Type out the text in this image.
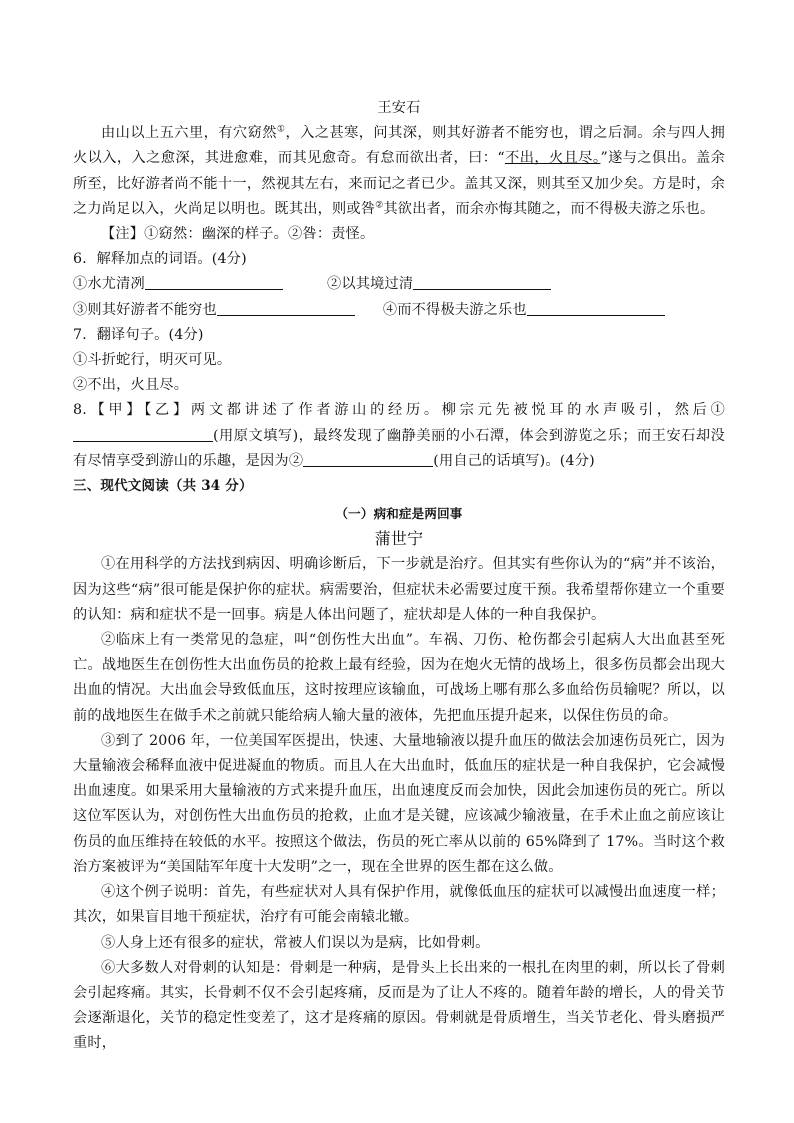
王安石

由山以上五六里，有穴窈然①，入之甚寒，问其深，则其好游者不能穷也，谓之后洞。余与四人拥火以入，入之愈深，其进愈难，而其见愈奇。有怠而欲出者，曰：“不出，火且尽。”遂与之俱出。盖余所至，比好游者尚不能十一，然视其左右，来而记之者已少。盖其又深，则其至又加少矣。方是时，余之力尚足以入，火尚足以明也。既其出，则或咎②其欲出者，而余亦悔其随之，而不得极夫游之乐也。

【注】①窈然：幽深的样子。②咎：责怪。

6．解释加点的词语。(4分)

①水尤清冽	②以其境过清

③则其好游者不能穷也	④而不得极夫游之乐也

7．翻译句子。(4分)

①斗折蛇行，明灭可见。

②不出，火且尽。

8.【甲】【乙】两文都讲述了作者游山的经历。柳宗元先被悦耳的水声吸引，然后①(用原文填写)，最终发现了幽静美丽的小石潭，体会到游览之乐；而王安石却没有尽情享受到游山的乐趣，是因为②	(用自己的话填写)。(4分)

三、现代文阅读（共 34 分）

（一）病和症是两回事

蒲世宁

①在用科学的方法找到病因、明确诊断后，下一步就是治疗。但其实有些你认为的“病”并不该治，因为这些“病”很可能是保护你的症状。病需要治，但症状未必需要过度干预。我希望帮你建立一个重要的认知：病和症状不是一回事。病是人体出问题了，症状却是人体的一种自我保护。

②临床上有一类常见的急症，叫“创伤性大出血”。车祸、刀伤、枪伤都会引起病人大出血甚至死亡。战地医生在创伤性大出血伤员的抢救上最有经验，因为在炮火无情的战场上，很多伤员都会出现大出血的情况。大出血会导致低血压，这时按理应该输血，可战场上哪有那么多血给伤员输呢？所以，以前的战地医生在做手术之前就只能给病人输大量的液体，先把血压提升起来，以保住伤员的命。

③到了 2006 年，一位美国军医提出，快速、大量地输液以提升血压的做法会加速伤员死亡，因为大量输液会稀释血液中促进凝血的物质。而且人在大出血时，低血压的症状是一种自我保护，它会减慢出血速度。如果采用大量输液的方式来提升血压，出血速度反而会加快，因此会加速伤员的死亡。所以这位军医认为，对创伤性大出血伤员的抢救，止血才是关键，应该减少输液量，在手术止血之前应该让伤员的血压维持在较低的水平。按照这个做法，伤员的死亡率从以前的 65%降到了 17%。当时这个救治方案被评为“美国陆军年度十大发明”之一，现在全世界的医生都在这么做。

④这个例子说明：首先，有些症状对人具有保护作用，就像低血压的症状可以减慢出血速度一样；其次，如果盲目地干预症状，治疗有可能会南辕北辙。

⑤人身上还有很多的症状，常被人们误以为是病，比如骨刺。

⑥大多数人对骨刺的认知是：骨刺是一种病，是骨头上长出来的一根扎在肉里的刺，所以长了骨刺会引起疼痛。其实，长骨刺不仅不会引起疼痛，反而是为了让人不疼的。随着年龄的增长，人的骨关节会逐渐退化，关节的稳定性变差了，这才是疼痛的原因。骨刺就是骨质增生，当关节老化、骨头磨损严重时，
